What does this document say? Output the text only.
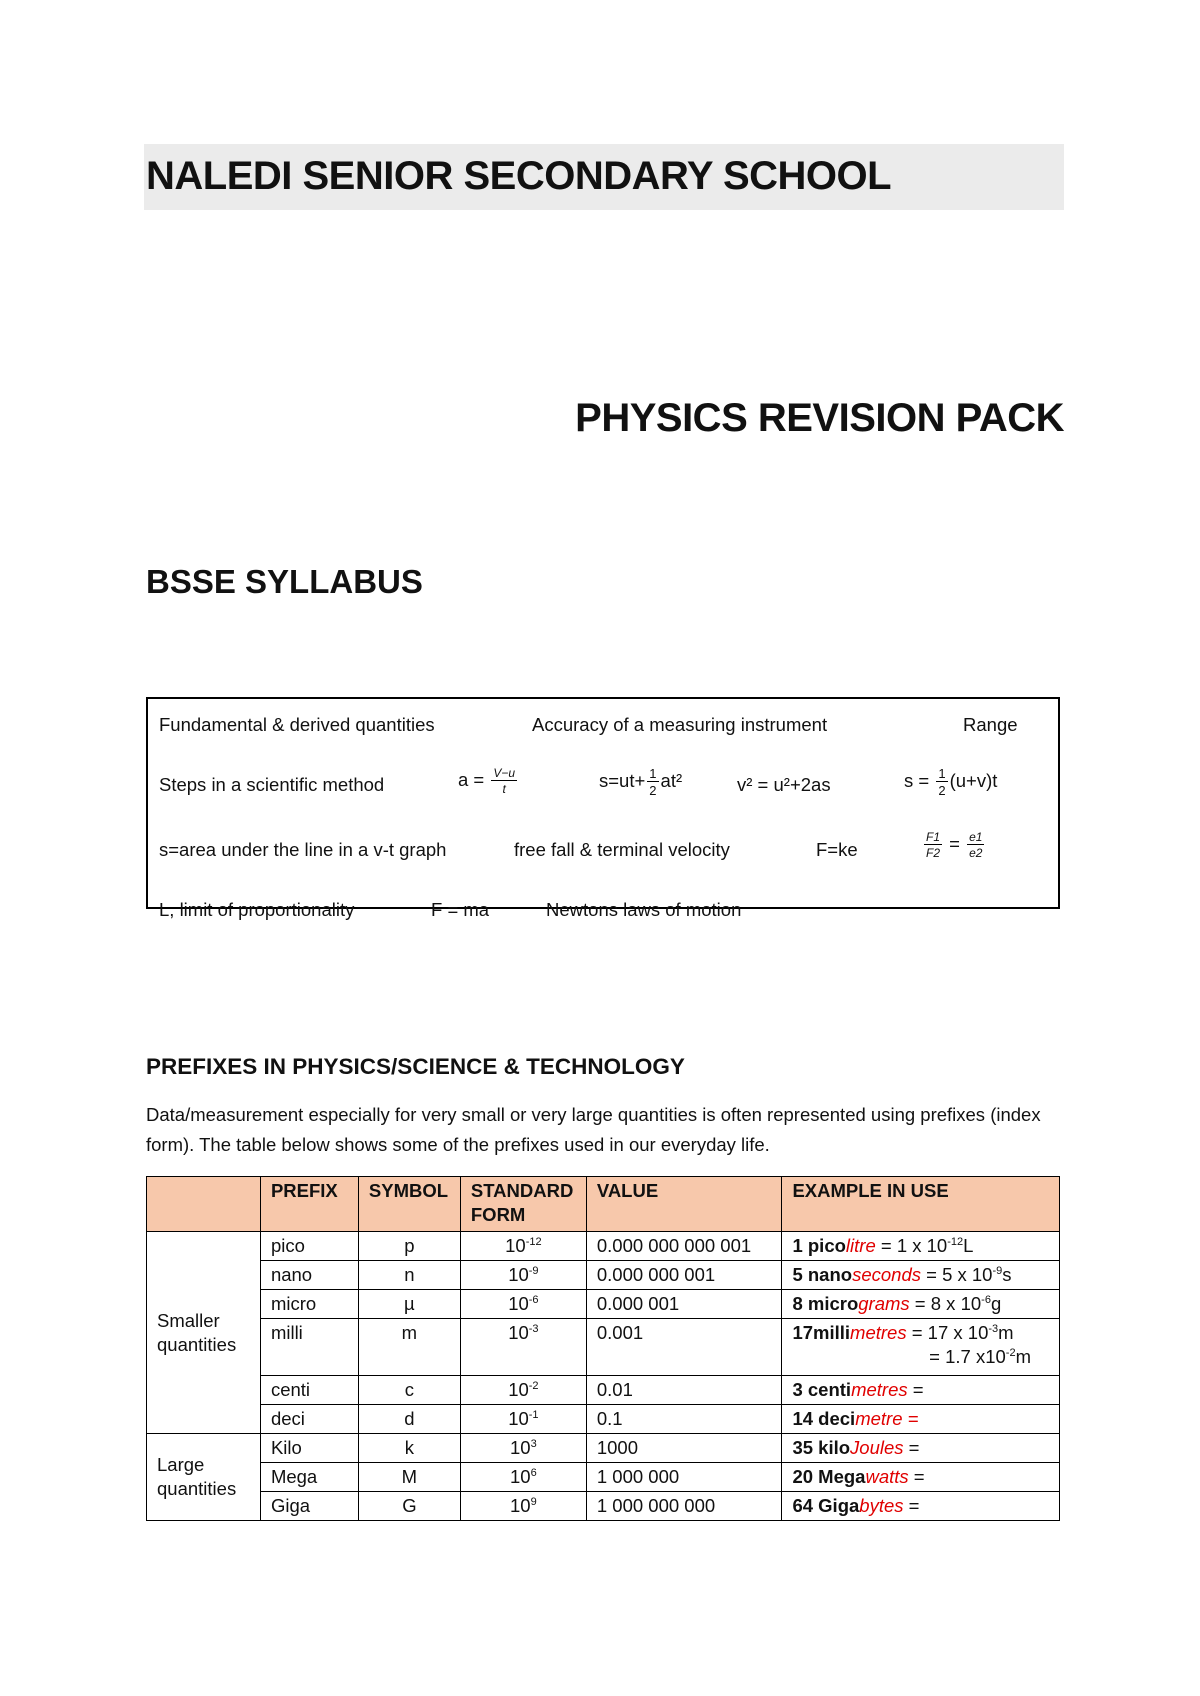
NALEDI SENIOR SECONDARY SCHOOL
PHYSICS REVISION PACK
BSSE SYLLABUS
Fundamental & derived quantities	Accuracy of a measuring instrument	Range
Steps in a scientific method	$a = \frac{V-u}{t}$	$s=ut+ \frac{1}{2} at^2$	v² = u²+2as	$s = \frac{1}{2} (u+v)t$
s=area under the line in a v-t graph	free fall & terminal velocity	F=ke	$\frac{F1}{F2} = \frac{e1}{e2}$
L, limit of proportionality	F = ma	Newtons laws of motion
PREFIXES IN PHYSICS/SCIENCE & TECHNOLOGY

Data/measurement especially for very small or very large quantities is often represented using prefixes (index form). The table below shows some of the prefixes used in our everyday life.

	PREFIX	SYMBOL	STANDARD FORM	VALUE	EXAMPLE IN USE
Smaller quantities	pico	p	$10^{-12}$	0.000 000 000 001	1 picolitre = 1 x $10^{-12}L$
	nano	n	$10^{-9}$	0.000 000 001	5 nanoseconds = 5 x $10^{-9}s$
	micro	µ	$10^{-6}$	0.000 001	8 micrograms = 8 x $10^{-6}g$
	milli	m	$10^{-3}$	0.001	17millimetres = 17 x $10^{-3}m$
= 1.7 $x10^{-2}m$

	centi	c	$10^{-2}$	0.01	3 centimetres =
	deci	d	$10^{-1}$	0.1	14 decimetre =
Large quantities	Kilo	k	$10^3$	1000	35 kiloJoules =
	Mega	M	$10^6$	1 000 000	20 Megawatts =
	Giga	G	$10^9$	1 000 000 000	64 Gigabytes =
